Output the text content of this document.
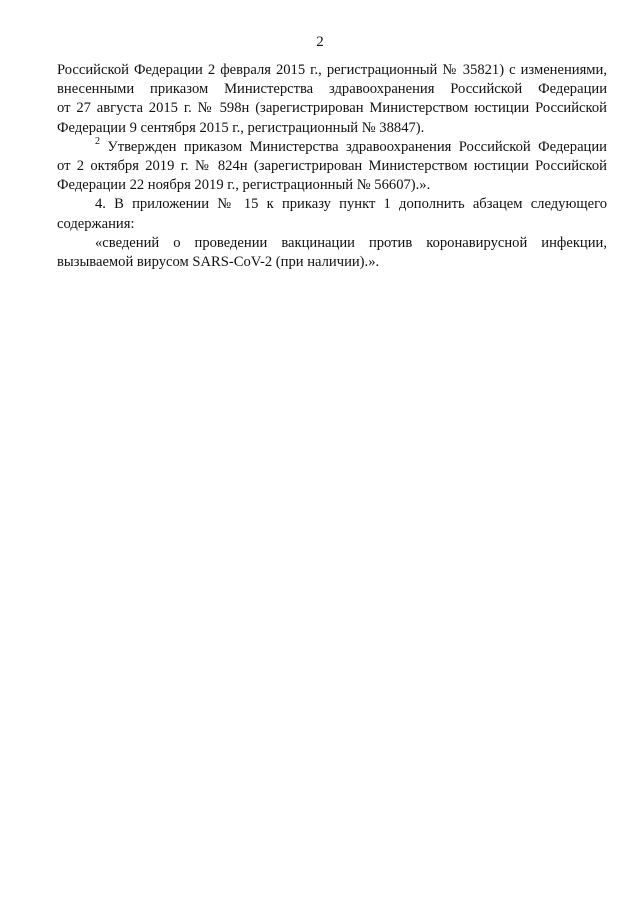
2
Российской Федерации 2 февраля 2015 г., регистрационный № 35821) с изменениями,
внесенными приказом Министерства здравоохранения Российской Федерации
от 27 августа 2015 г. № 598н (зарегистрирован Министерством юстиции Российской
Федерации 9 сентября 2015 г., регистрационный № 38847).
$^2$ Утвержден приказом Министерства здравоохранения Российской Федерации
от 2 октября 2019 г. № 824н (зарегистрирован Министерством юстиции Российской
Федерации 22 ноября 2019 г., регистрационный № 56607).».
4. В приложении № 15 к приказу пункт 1 дополнить абзацем следующего
содержания:
«сведений о проведении вакцинации против коронавирусной инфекции,
вызываемой вирусом SARS-CoV-2 (при наличии).».
